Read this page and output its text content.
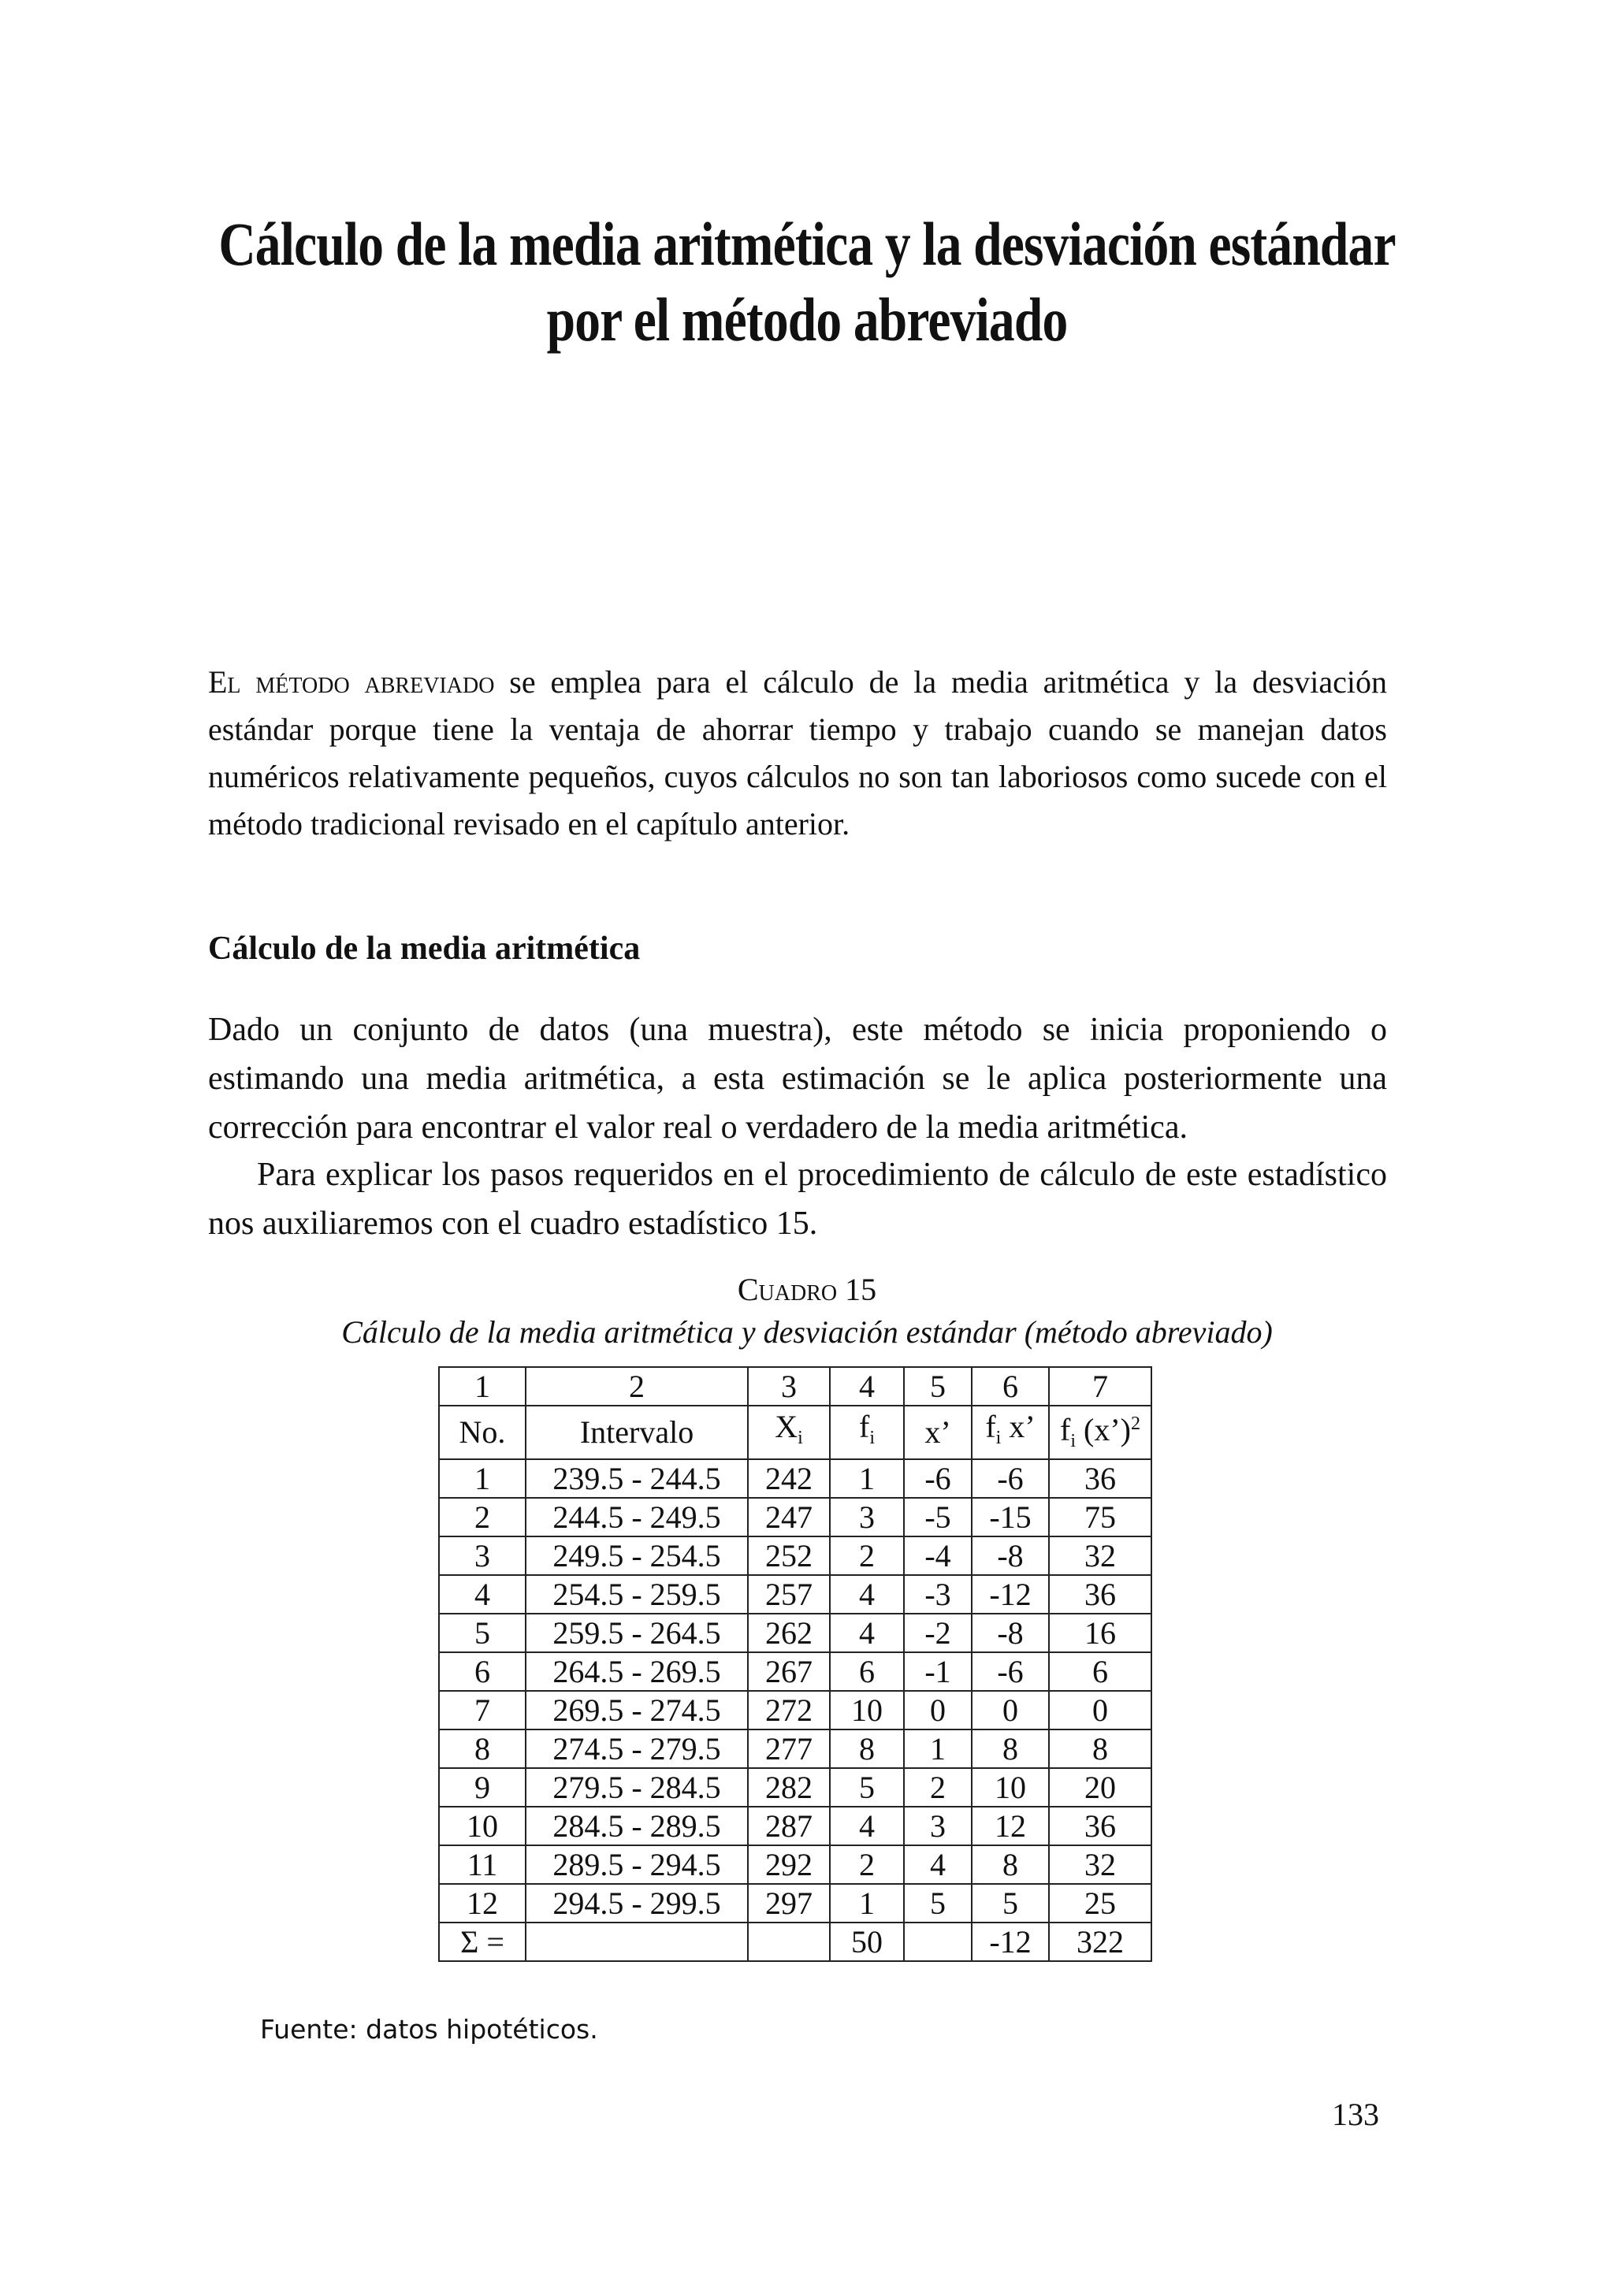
Cálculo de la media aritmética y la desviación estándar
por el método abreviado

El método abreviado se emplea para el cálculo de la media aritmética y la desviación estándar porque tiene la ventaja de ahorrar tiempo y trabajo cuando se manejan datos numéricos relativamente pequeños, cuyos cálculos no son tan laboriosos como sucede con el método tradicional revisado en el capítulo anterior.

Cálculo de la media aritmética

Dado un conjunto de datos (una muestra), este método se inicia proponiendo o estimando una media aritmética, a esta estimación se le aplica posteriormente una corrección para encontrar el valor real o verdadero de la media aritmética.

Para explicar los pasos requeridos en el procedimiento de cálculo de este estadístico nos auxiliaremos con el cuadro estadístico 15.

Cuadro 15

Cálculo de la media aritmética y desviación estándar (método abreviado)

1	2	3	4	5	6	7
No.	Intervalo	$X_i$	$f_i$	x’	$f_i$ x’	$f_i$ (x’)$^2$
1	239.5 - 244.5	242	1	-6	-6	36
2	244.5 - 249.5	247	3	-5	-15	75
3	249.5 - 254.5	252	2	-4	-8	32
4	254.5 - 259.5	257	4	-3	-12	36
5	259.5 - 264.5	262	4	-2	-8	16
6	264.5 - 269.5	267	6	-1	-6	6
7	269.5 - 274.5	272	10	0	0	0
8	274.5 - 279.5	277	8	1	8	8
9	279.5 - 284.5	282	5	2	10	20
10	284.5 - 289.5	287	4	3	12	36
11	289.5 - 294.5	292	2	4	8	32
12	294.5 - 299.5	297	1	5	5	25
Σ =			50		-12	322

Fuente: datos hipotéticos.

133
